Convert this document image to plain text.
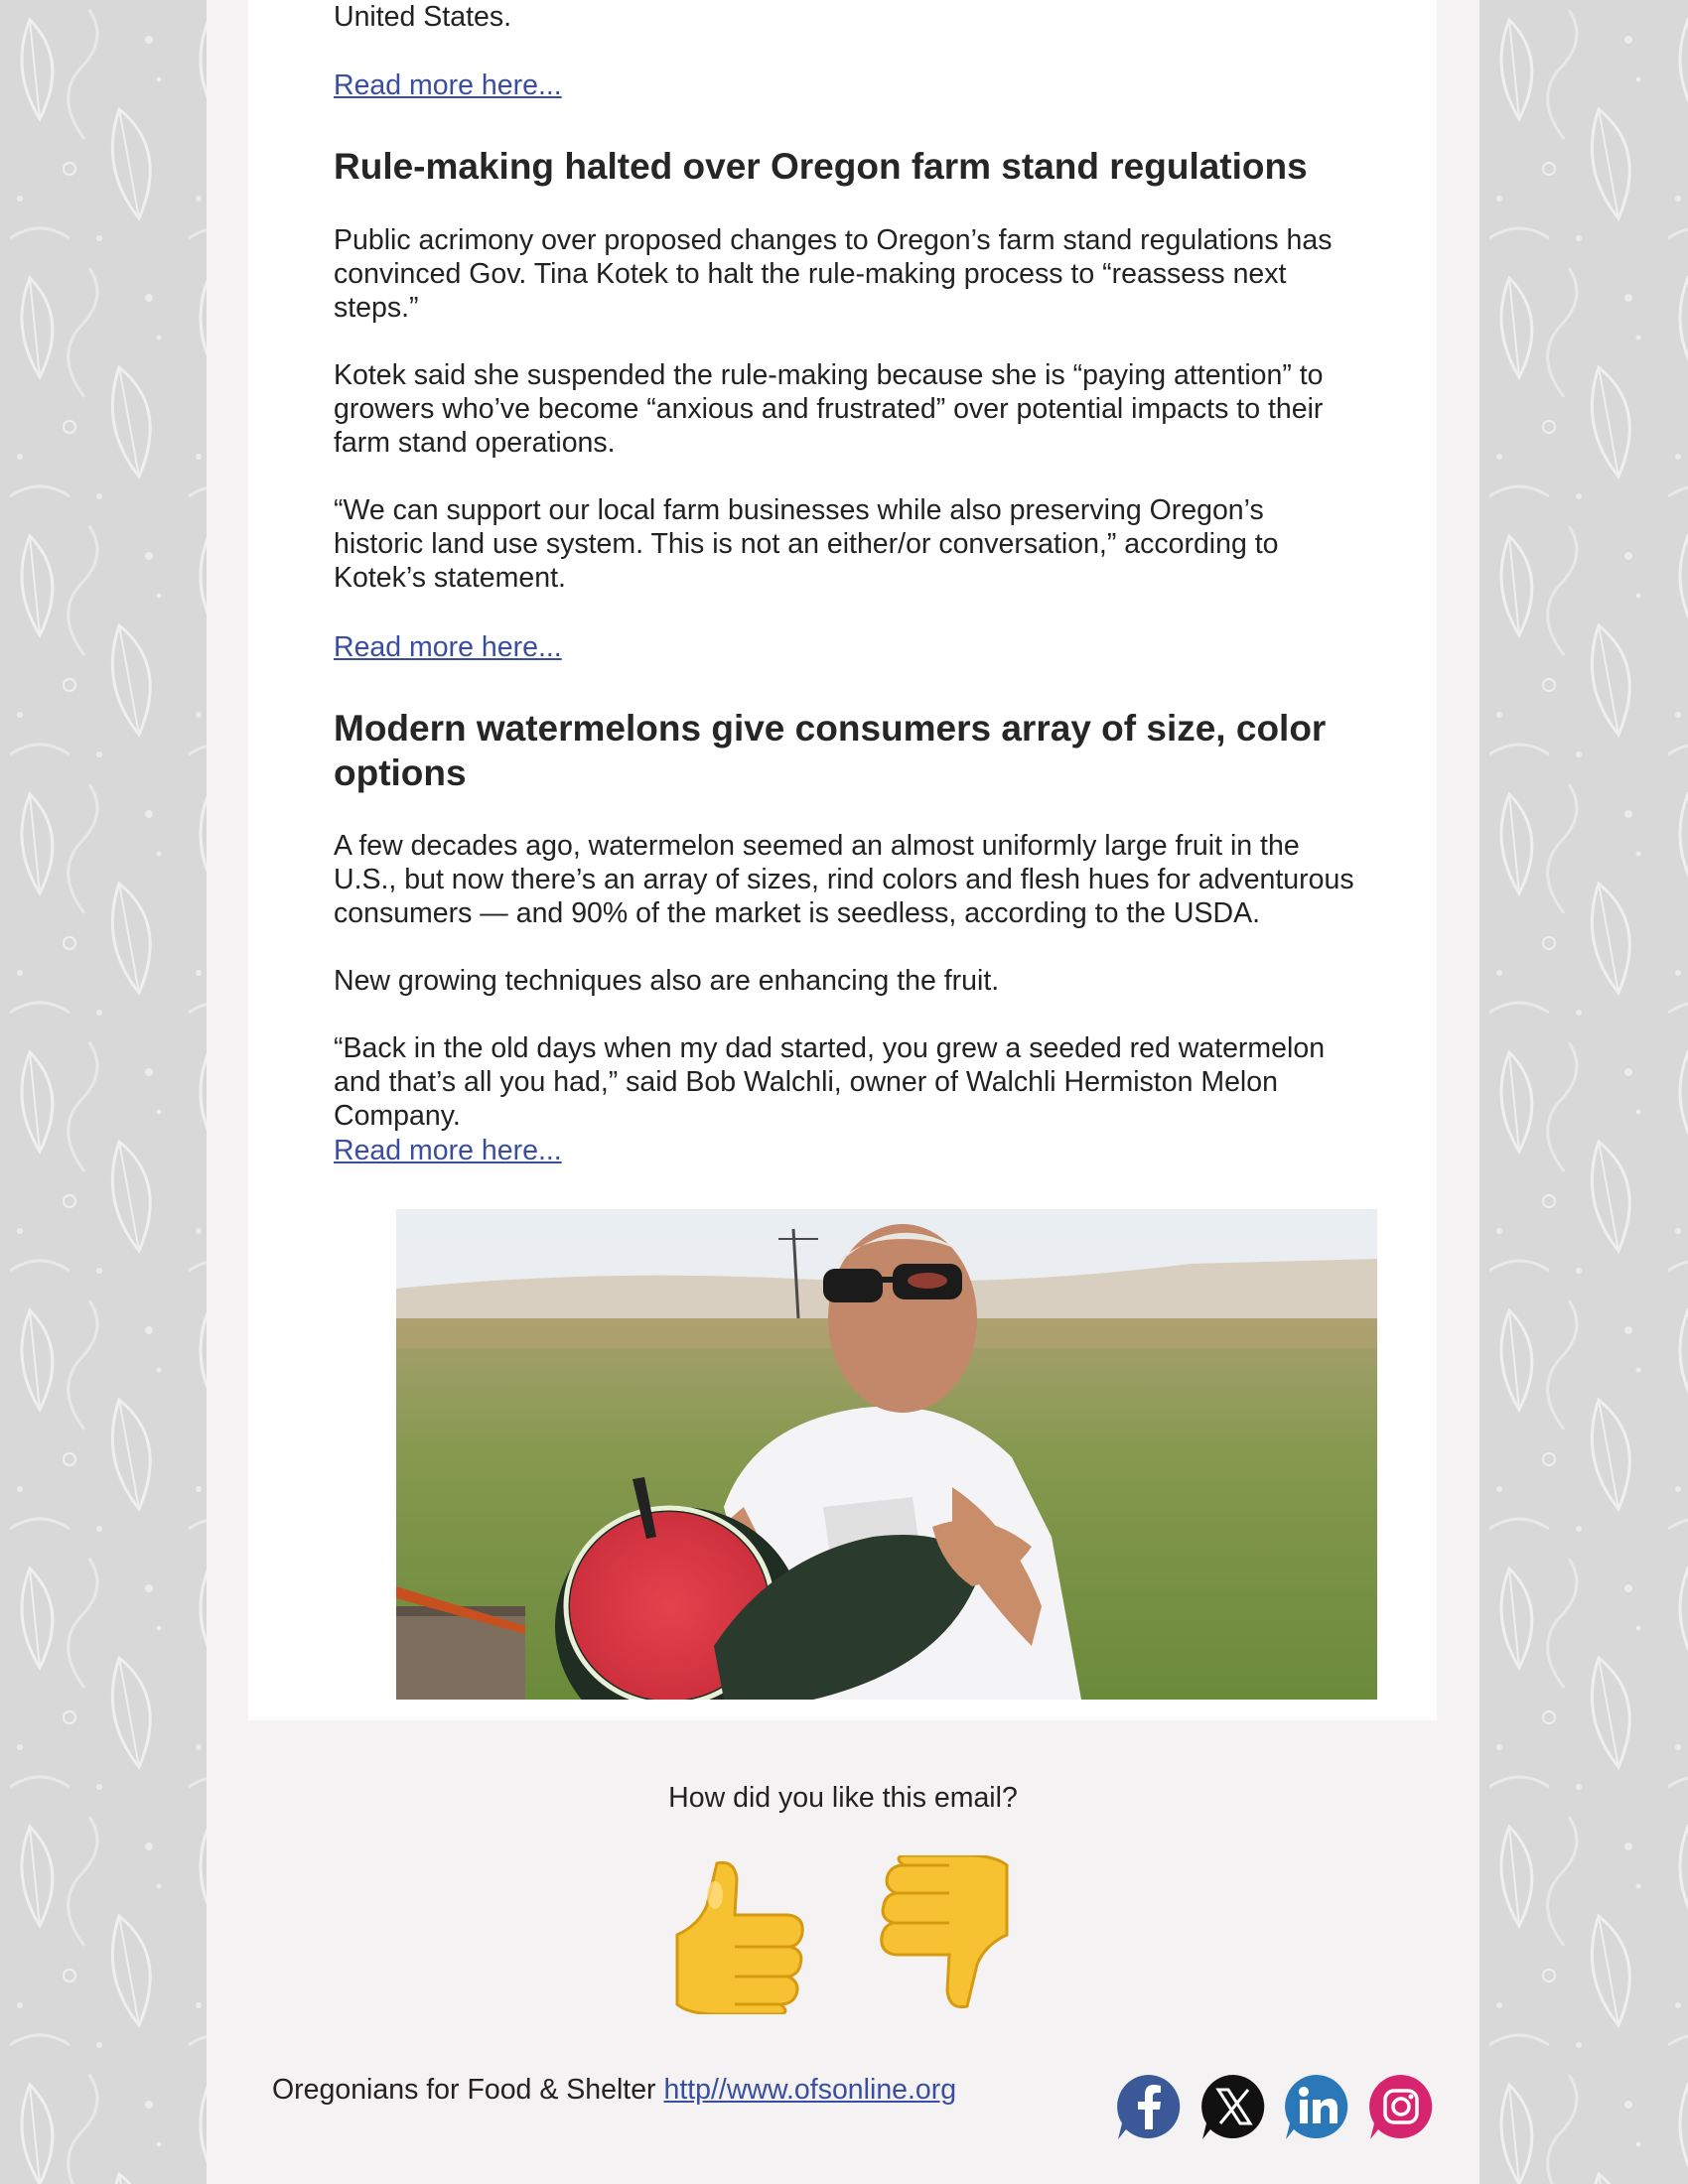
United States.

Read more here...
Rule-making halted over Oregon farm stand regulations

Public acrimony over proposed changes to Oregon’s farm stand regulations has convinced Gov. Tina Kotek to halt the rule-making process to “reassess next steps.”

Kotek said she suspended the rule-making because she is “paying attention” to growers who’ve become “anxious and frustrated” over potential impacts to their farm stand operations.

“We can support our local farm businesses while also preserving Oregon’s historic land use system. This is not an either/or conversation,” according to Kotek’s statement.

Read more here...
Modern watermelons give consumers array of size, color options

A few decades ago, watermelon seemed an almost uniformly large fruit in the U.S., but now there’s an array of sizes, rind colors and flesh hues for adventurous consumers — and 90% of the market is seedless, according to the USDA.

New growing techniques also are enhancing the fruit.

“Back in the old days when my dad started, you grew a seeded red watermelon and that’s all you had,” said Bob Walchli, owner of Walchli Hermiston Melon Company.

Read more here...
How did you like this email?
Oregonians for Food & Shelter http//www.ofsonline.org
